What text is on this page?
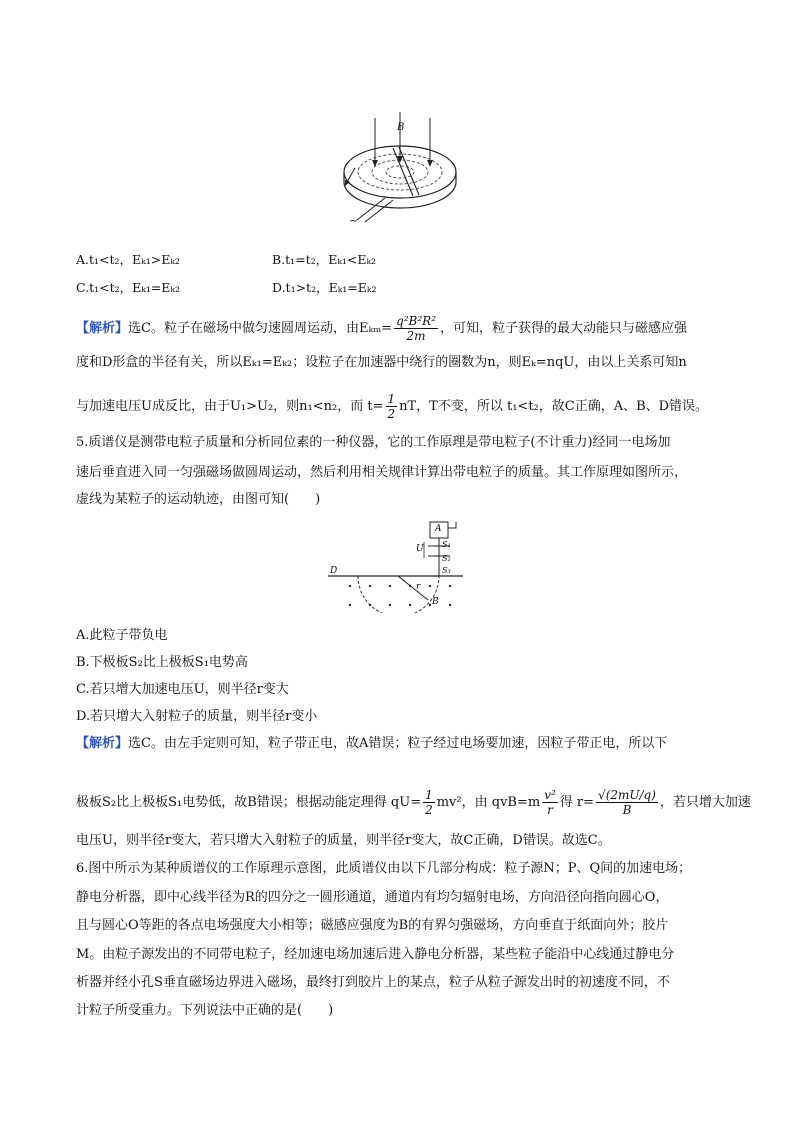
B
~
A.t₁<t₂，Eₖ₁>Eₖ₂	B.t₁=t₂，Eₖ₁<Eₖ₂
C.t₁<t₂，Eₖ₁=Eₖ₂	D.t₁>t₂，Eₖ₁=Eₖ₂
【解析】选C。粒子在磁场中做匀速圆周运动，由$E_{km}= \frac{\text{q²B²R²}}{2m}$ ，可知，粒子获得的最大动能只与磁感应强
度和D形盒的半径有关，所以Eₖ₁=Eₖ₂；设粒子在加速器中绕行的圈数为n，则Eₖ=nqU，由以上关系可知n
与加速电压U成反比，由于U₁>U₂，则n₁<n₂，而 $t= \frac{1}{2}$ nT，T不变，所以 t₁<t₂，故C正确，A、B、D错误。
5.质谱仪是测带电粒子质量和分析同位素的一种仪器，它的工作原理是带电粒子(不计重力)经同一电场加
速后垂直进入同一匀强磁场做圆周运动，然后利用相关规律计算出带电粒子的质量。其工作原理如图所示，
虚线为某粒子的运动轨迹，由图可知(　　)
A
U S₁
S₂
S₃
D
r
B
A.此粒子带负电
B.下极板S₂比上极板S₁电势高
C.若只增大加速电压U，则半径r变大
D.若只增大入射粒子的质量，则半径r变小
【解析】选C。由左手定则可知，粒子带正电，故A错误；粒子经过电场要加速，因粒子带正电，所以下
极板S₂比上极板S₁电势低，故B错误；根据动能定理得 $qU= \frac{1}{2} mv^2$，由 $qvB=m \frac{\text{v²}}{r}$ 得 $r= \frac{√(2mU/q)}{B}$ ，若只增大加速
电压U，则半径r变大，若只增大入射粒子的质量，则半径r变大，故C正确，D错误。故选C。
6.图中所示为某种质谱仪的工作原理示意图，此质谱仪由以下几部分构成：粒子源N；P、Q间的加速电场；
静电分析器，即中心线半径为R的四分之一圆形通道，通道内有均匀辐射电场，方向沿径向指向圆心O，
且与圆心O等距的各点电场强度大小相等；磁感应强度为B的有界匀强磁场，方向垂直于纸面向外；胶片
M。由粒子源发出的不同带电粒子，经加速电场加速后进入静电分析器，某些粒子能沿中心线通过静电分
析器并经小孔S垂直磁场边界进入磁场，最终打到胶片上的某点，粒子从粒子源发出时的初速度不同，不
计粒子所受重力。下列说法中正确的是(　　)
